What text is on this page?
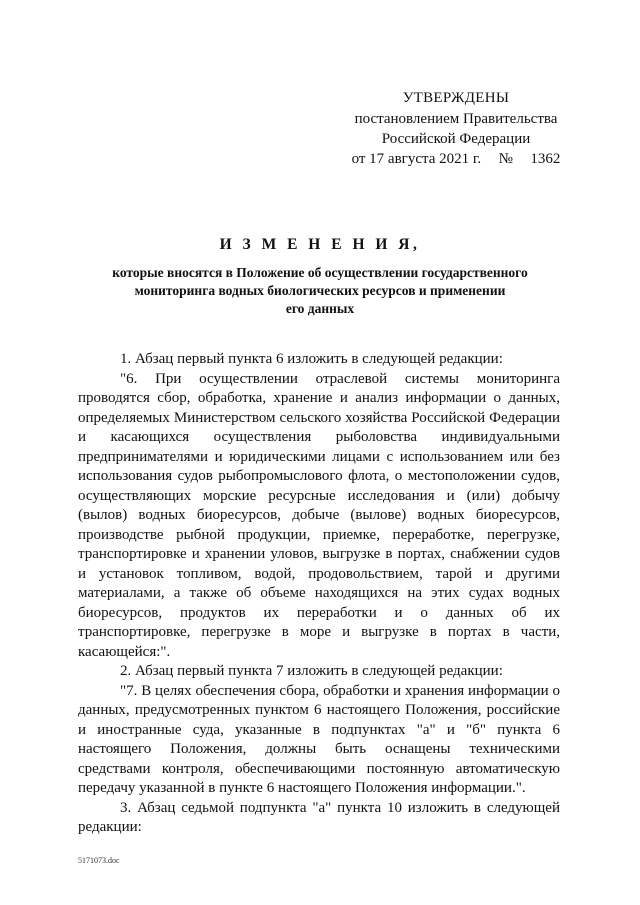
УТВЕРЖДЕНЫ
постановлением Правительства
Российской Федерации
от 17 августа 2021 г. № 1362
И З М Е Н Е Н И Я,
которые вносятся в Положение об осуществлении государственного
мониторинга водных биологических ресурсов и применении
его данных

1. Абзац первый пункта 6 изложить в следующей редакции:

"6. При осуществлении отраслевой системы мониторинга проводятся сбор, обработка, хранение и анализ информации о данных, определяемых Министерством сельского хозяйства Российской Федерации и касающихся осуществления рыболовства индивидуальными предпринимателями и юридическими лицами с использованием или без использования судов рыбопромыслового флота, о местоположении судов, осуществляющих морские ресурсные исследования и (или) добычу (вылов) водных биоресурсов, добыче (вылове) водных биоресурсов, производстве рыбной продукции, приемке, переработке, перегрузке, транспортировке и хранении уловов, выгрузке в портах, снабжении судов и установок топливом, водой, продовольствием, тарой и другими материалами, а также об объеме находящихся на этих судах водных биоресурсов, продуктов их переработки и о данных об их транспортировке, перегрузке в море и выгрузке в портах в части, касающейся:".

2. Абзац первый пункта 7 изложить в следующей редакции:

"7. В целях обеспечения сбора, обработки и хранения информации о данных, предусмотренных пунктом 6 настоящего Положения, российские и иностранные суда, указанные в подпунктах "а" и "б" пункта 6 настоящего Положения, должны быть оснащены техническими средствами контроля, обеспечивающими постоянную автоматическую передачу указанной в пункте 6 настоящего Положения информации.".

3. Абзац седьмой подпункта "а" пункта 10 изложить в следующей редакции:

5171073.doc
